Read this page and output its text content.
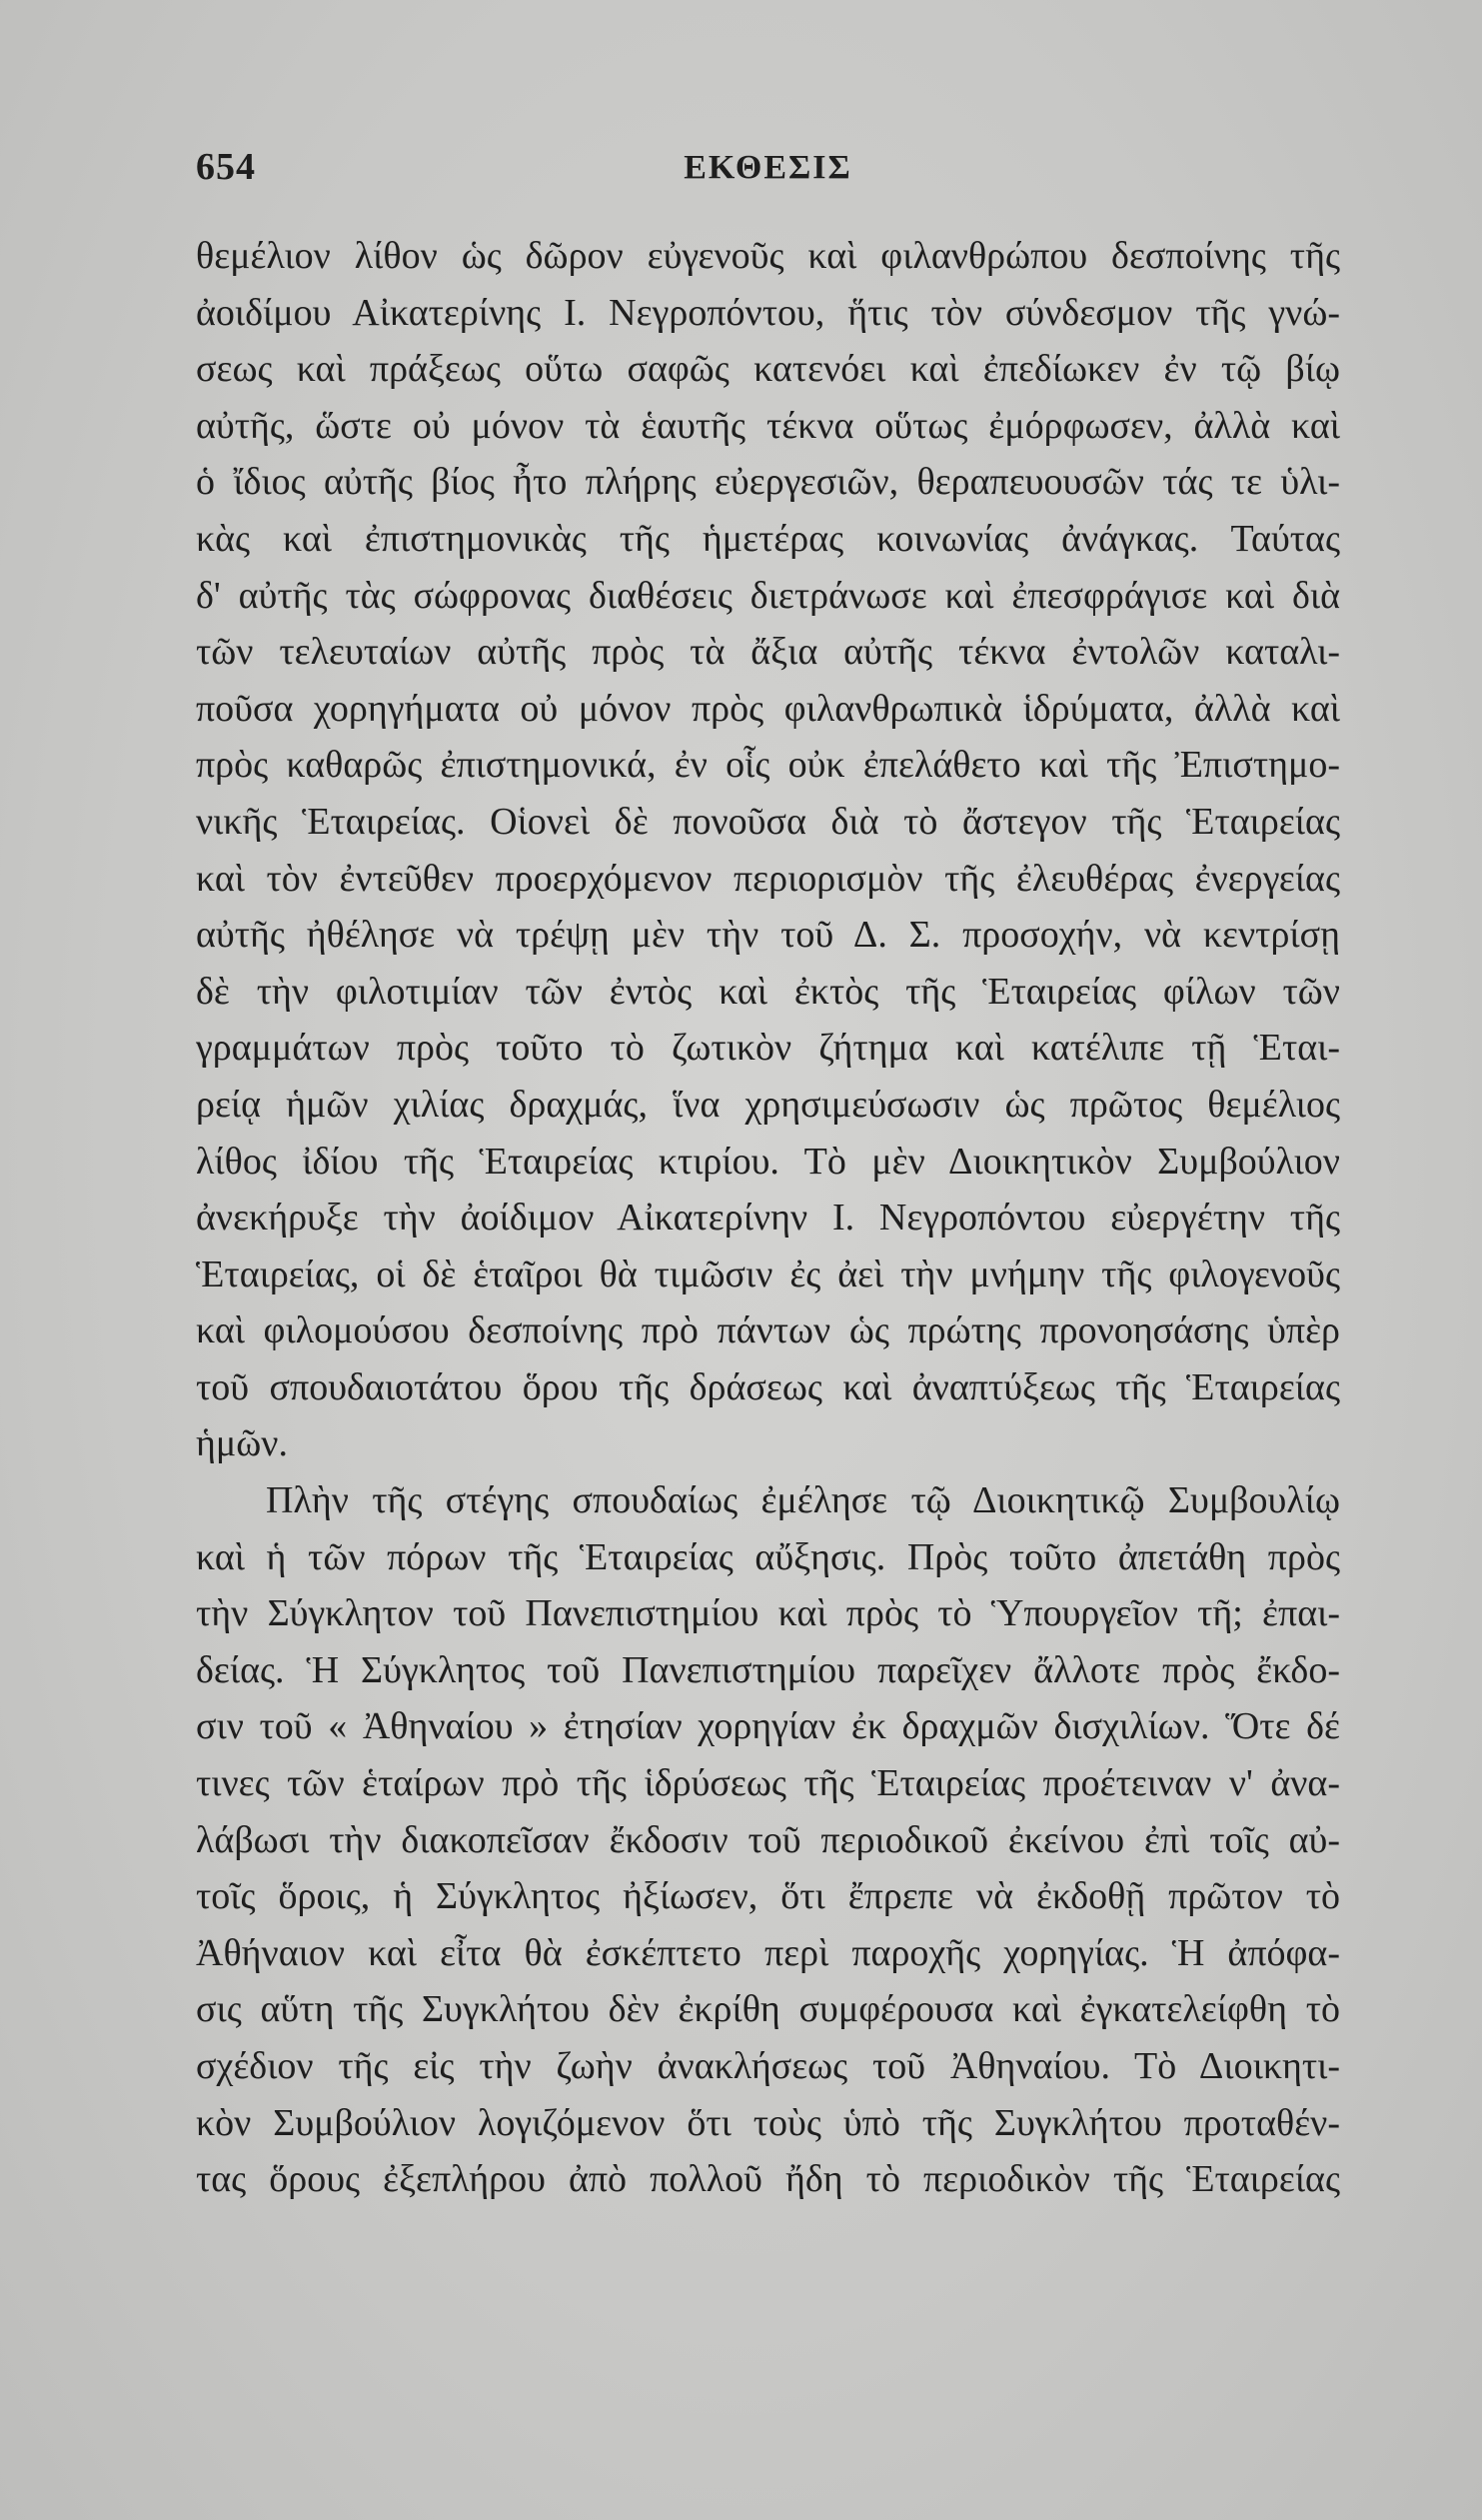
654	ΕΚΘΕΣΙΣ
θεμέλιον λίθον ὡς δῶρον εὐγενοῦς καὶ φιλανθρώπου δεσποίνης τῆς
ἀοιδίμου Αἰκατερίνης Ι. Νεγροπόντου, ἥτις τὸν σύνδεσμον τῆς γνώ-
σεως καὶ πράξεως οὕτω σαφῶς κατενόει καὶ ἐπεδίωκεν ἐν τῷ βίῳ
αὐτῆς, ὥστε οὐ μόνον τὰ ἑαυτῆς τέκνα οὕτως ἐμόρφωσεν, ἀλλὰ καὶ
ὁ ἴδιος αὐτῆς βίος ἦτο πλήρης εὐεργεσιῶν, θεραπευουσῶν τάς τε ὑλι-
κὰς καὶ ἐπιστημονικὰς τῆς ἡμετέρας κοινωνίας ἀνάγκας. Ταύτας
δ' αὐτῆς τὰς σώφρονας διαθέσεις διετράνωσε καὶ ἐπεσφράγισε καὶ διὰ
τῶν τελευταίων αὐτῆς πρὸς τὰ ἄξια αὐτῆς τέκνα ἐντολῶν καταλι-
ποῦσα χορηγήματα οὐ μόνον πρὸς φιλανθρωπικὰ ἱδρύματα, ἀλλὰ καὶ
πρὸς καθαρῶς ἐπιστημονικά, ἐν οἷς οὐκ ἐπελάθετο καὶ τῆς Ἐπιστημο-
νικῆς Ἑταιρείας. Οἱονεὶ δὲ πονοῦσα διὰ τὸ ἄστεγον τῆς Ἑταιρείας
καὶ τὸν ἐντεῦθεν προερχόμενον περιορισμὸν τῆς ἐλευθέρας ἐνεργείας
αὐτῆς ἠθέλησε νὰ τρέψῃ μὲν τὴν τοῦ Δ. Σ. προσοχήν, νὰ κεντρίσῃ
δὲ τὴν φιλοτιμίαν τῶν ἐντὸς καὶ ἐκτὸς τῆς Ἑταιρείας φίλων τῶν
γραμμάτων πρὸς τοῦτο τὸ ζωτικὸν ζήτημα καὶ κατέλιπε τῇ Ἑται-
ρείᾳ ἡμῶν χιλίας δραχμάς, ἵνα χρησιμεύσωσιν ὡς πρῶτος θεμέλιος
λίθος ἰδίου τῆς Ἑταιρείας κτιρίου. Τὸ μὲν Διοικητικὸν Συμβούλιον
ἀνεκήρυξε τὴν ἀοίδιμον Αἰκατερίνην Ι. Νεγροπόντου εὐεργέτην τῆς
Ἑταιρείας, οἱ δὲ ἑταῖροι θὰ τιμῶσιν ἐς ἀεὶ τὴν μνήμην τῆς φιλογενοῦς
καὶ φιλομούσου δεσποίνης πρὸ πάντων ὡς πρώτης προνοησάσης ὑπὲρ
τοῦ σπουδαιοτάτου ὅρου τῆς δράσεως καὶ ἀναπτύξεως τῆς Ἑταιρείας
ἡμῶν.
Πλὴν τῆς στέγης σπουδαίως ἐμέλησε τῷ Διοικητικῷ Συμβουλίῳ
καὶ ἡ τῶν πόρων τῆς Ἑταιρείας αὔξησις. Πρὸς τοῦτο ἀπετάθη πρὸς
τὴν Σύγκλητον τοῦ Πανεπιστημίου καὶ πρὸς τὸ Ὑπουργεῖον τῆ; ἐπαι-
δείας. Ἡ Σύγκλητος τοῦ Πανεπιστημίου παρεῖχεν ἄλλοτε πρὸς ἔκδο-
σιν τοῦ « Ἀθηναίου » ἐτησίαν χορηγίαν ἐκ δραχμῶν δισχιλίων. Ὅτε δέ
τινες τῶν ἑταίρων πρὸ τῆς ἱδρύσεως τῆς Ἑταιρείας προέτειναν ν' ἀνα-
λάβωσι τὴν διακοπεῖσαν ἔκδοσιν τοῦ περιοδικοῦ ἐκείνου ἐπὶ τοῖς αὐ-
τοῖς ὅροις, ἡ Σύγκλητος ἠξίωσεν, ὅτι ἔπρεπε νὰ ἐκδοθῇ πρῶτον τὸ
Ἀθήναιον καὶ εἶτα θὰ ἐσκέπτετο περὶ παροχῆς χορηγίας. Ἡ ἀπόφα-
σις αὕτη τῆς Συγκλήτου δὲν ἐκρίθη συμφέρουσα καὶ ἐγκατελείφθη τὸ
σχέδιον τῆς εἰς τὴν ζωὴν ἀνακλήσεως τοῦ Ἀθηναίου. Τὸ Διοικητι-
κὸν Συμβούλιον λογιζόμενον ὅτι τοὺς ὑπὸ τῆς Συγκλήτου προταθέν-
τας ὅρους ἐξεπλήρου ἀπὸ πολλοῦ ἤδη τὸ περιοδικὸν τῆς Ἑταιρείας
